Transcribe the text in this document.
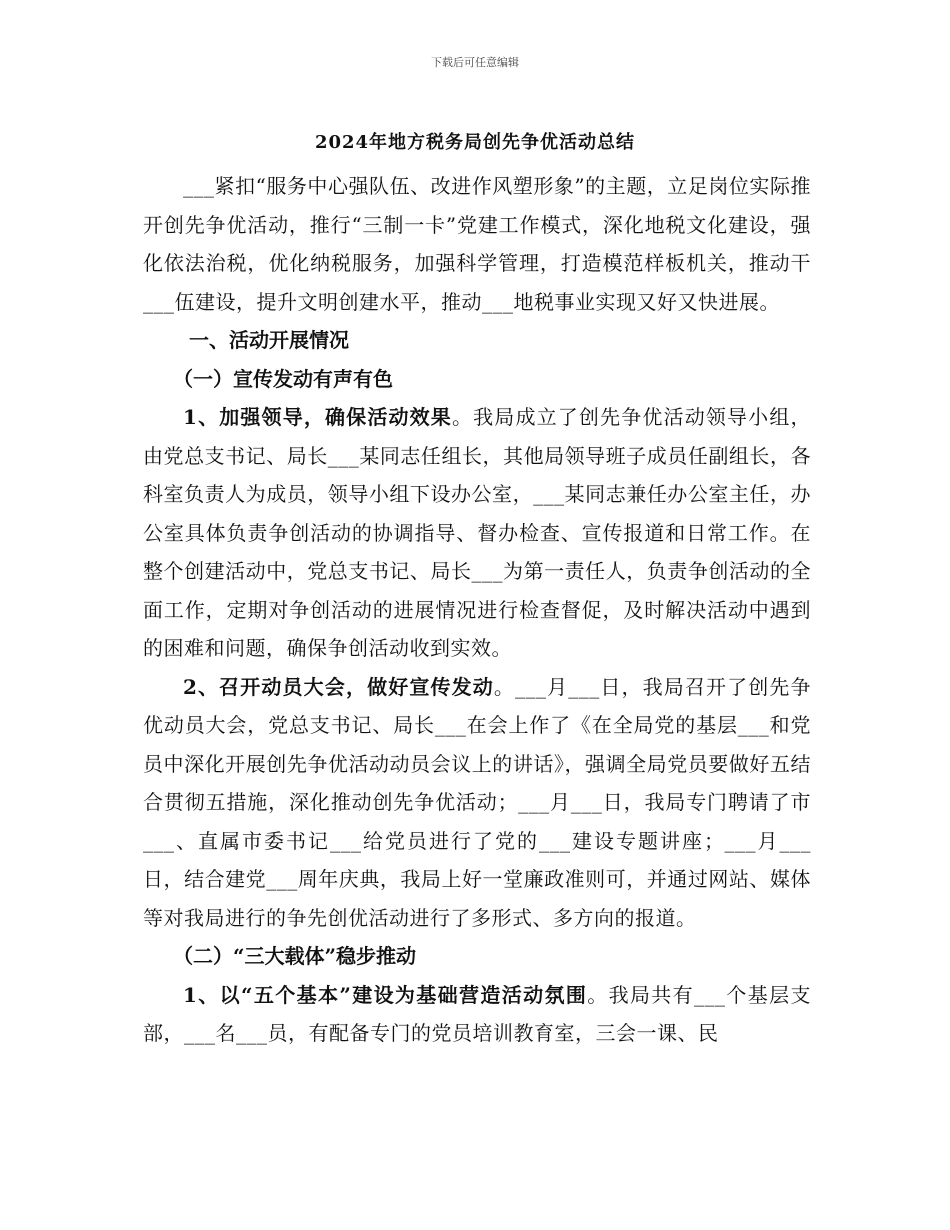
下载后可任意编辑
2024年地方税务局创先争优活动总结

___紧扣“服务中心强队伍、改进作风塑形象”的主题，立足岗位实际推开创先争优活动，推行“三制一卡”党建工作模式，深化地税文化建设，强化依法治税，优化纳税服务，加强科学管理，打造模范样板机关，推动干___伍建设，提升文明创建水平，推动___地税事业实现又好又快进展。

一、活动开展情况

（一）宣传发动有声有色

1、加强领导，确保活动效果。我局成立了创先争优活动领导小组，由党总支书记、局长___某同志任组长，其他局领导班子成员任副组长，各科室负责人为成员，领导小组下设办公室，___某同志兼任办公室主任，办公室具体负责争创活动的协调指导、督办检查、宣传报道和日常工作。在整个创建活动中，党总支书记、局长___为第一责任人，负责争创活动的全面工作，定期对争创活动的进展情况进行检查督促，及时解决活动中遇到的困难和问题，确保争创活动收到实效。

2、召开动员大会，做好宣传发动。___月___日，我局召开了创先争优动员大会，党总支书记、局长___在会上作了《在全局党的基层___和党员中深化开展创先争优活动动员会议上的讲话》，强调全局党员要做好五结合贯彻五措施，深化推动创先争优活动；___月___日，我局专门聘请了市___、直属市委书记___给党员进行了党的___建设专题讲座；___月___日，结合建党___周年庆典，我局上好一堂廉政准则可，并通过网站、媒体等对我局进行的争先创优活动进行了多形式、多方向的报道。

（二）“三大载体”稳步推动

1、以“五个基本”建设为基础营造活动氛围。我局共有___个基层支部，___名___员，有配备专门的党员培训教育室，三会一课、民
